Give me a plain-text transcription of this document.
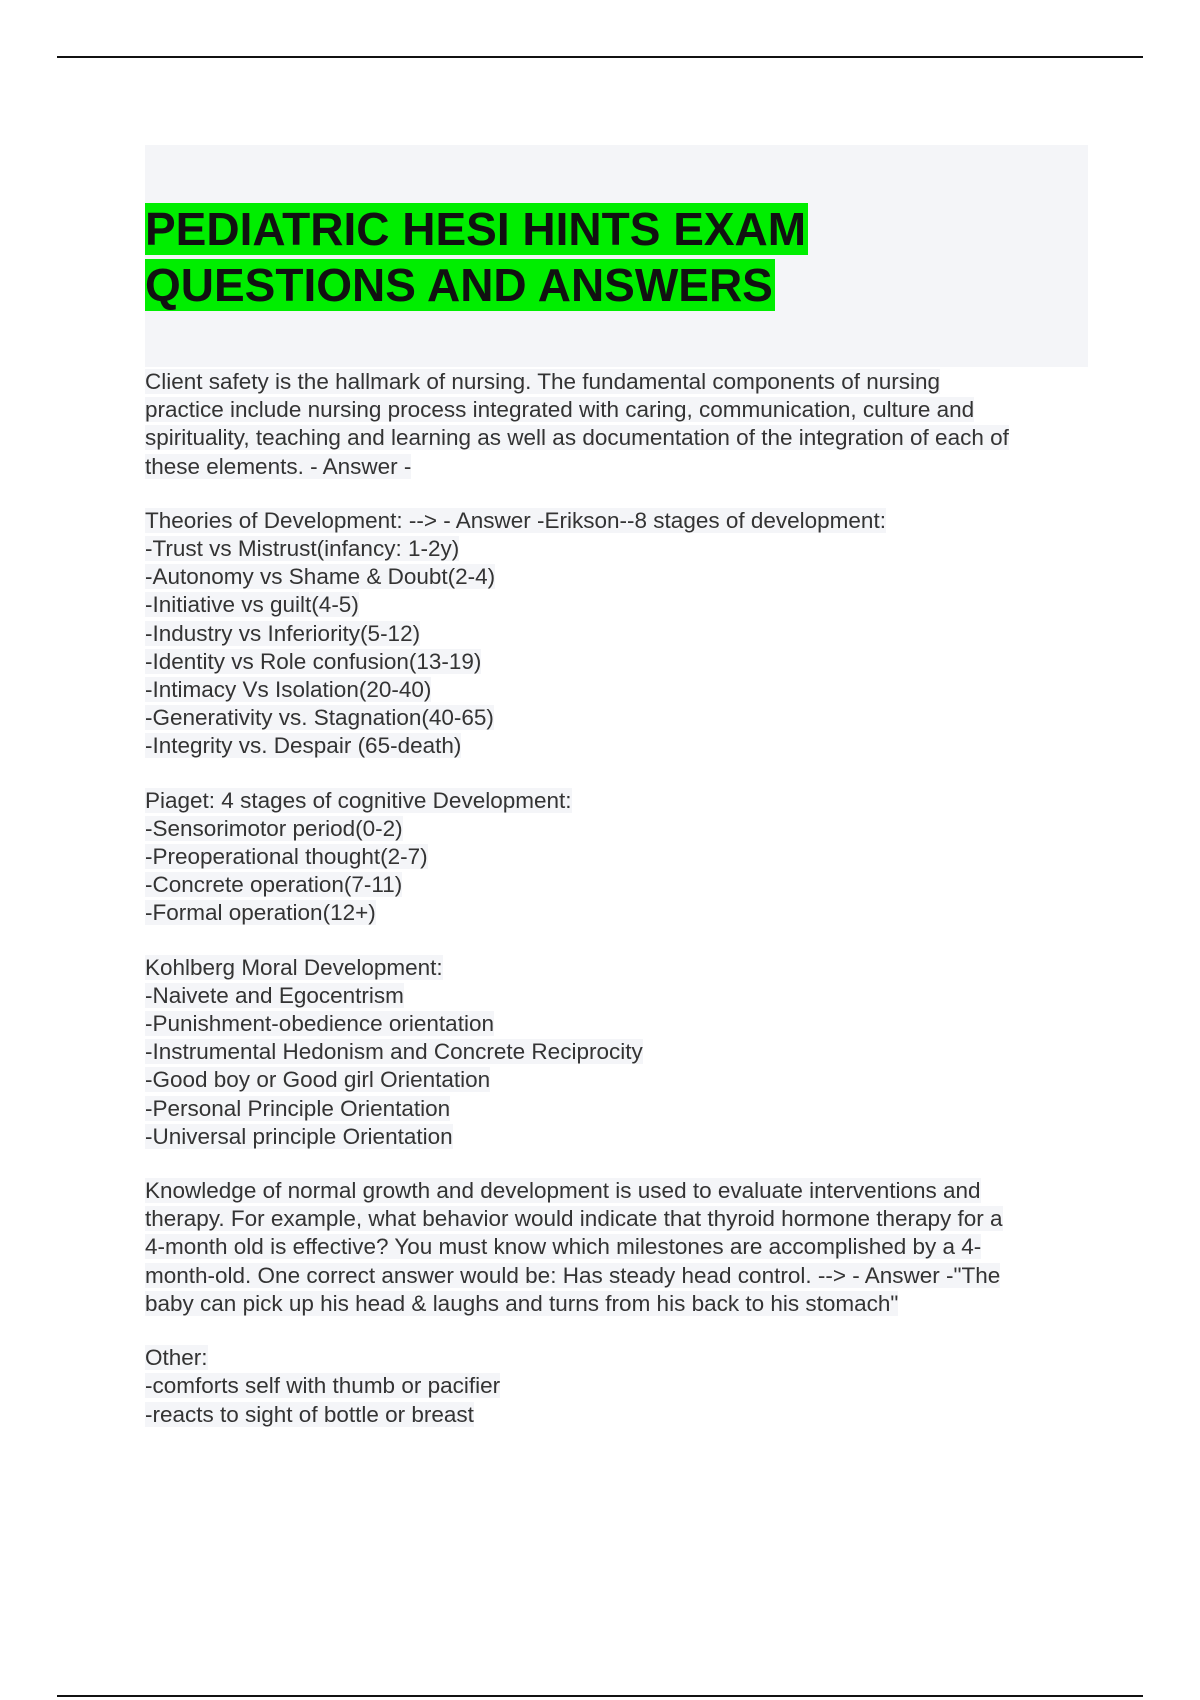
PEDIATRIC HESI HINTS EXAM
QUESTIONS AND ANSWERS

Client safety is the hallmark of nursing. The fundamental components of nursing
practice include nursing process integrated with caring, communication, culture and
spirituality, teaching and learning as well as documentation of the integration of each of
these elements. - Answer -

Theories of Development: --> - Answer -Erikson--8 stages of development:
-Trust vs Mistrust(infancy: 1-2y)
-Autonomy vs Shame & Doubt(2-4)
-Initiative vs guilt(4-5)
-Industry vs Inferiority(5-12)
-Identity vs Role confusion(13-19)
-Intimacy Vs Isolation(20-40)
-Generativity vs. Stagnation(40-65)
-Integrity vs. Despair (65-death)

Piaget: 4 stages of cognitive Development:
-Sensorimotor period(0-2)
-Preoperational thought(2-7)
-Concrete operation(7-11)
-Formal operation(12+)

Kohlberg Moral Development:
-Naivete and Egocentrism
-Punishment-obedience orientation
-Instrumental Hedonism and Concrete Reciprocity
-Good boy or Good girl Orientation
-Personal Principle Orientation
-Universal principle Orientation

Knowledge of normal growth and development is used to evaluate interventions and
therapy. For example, what behavior would indicate that thyroid hormone therapy for a
4-month old is effective? You must know which milestones are accomplished by a 4-
month-old. One correct answer would be: Has steady head control. --> - Answer -"The
baby can pick up his head & laughs and turns from his back to his stomach"

Other:
-comforts self with thumb or pacifier
-reacts to sight of bottle or breast
